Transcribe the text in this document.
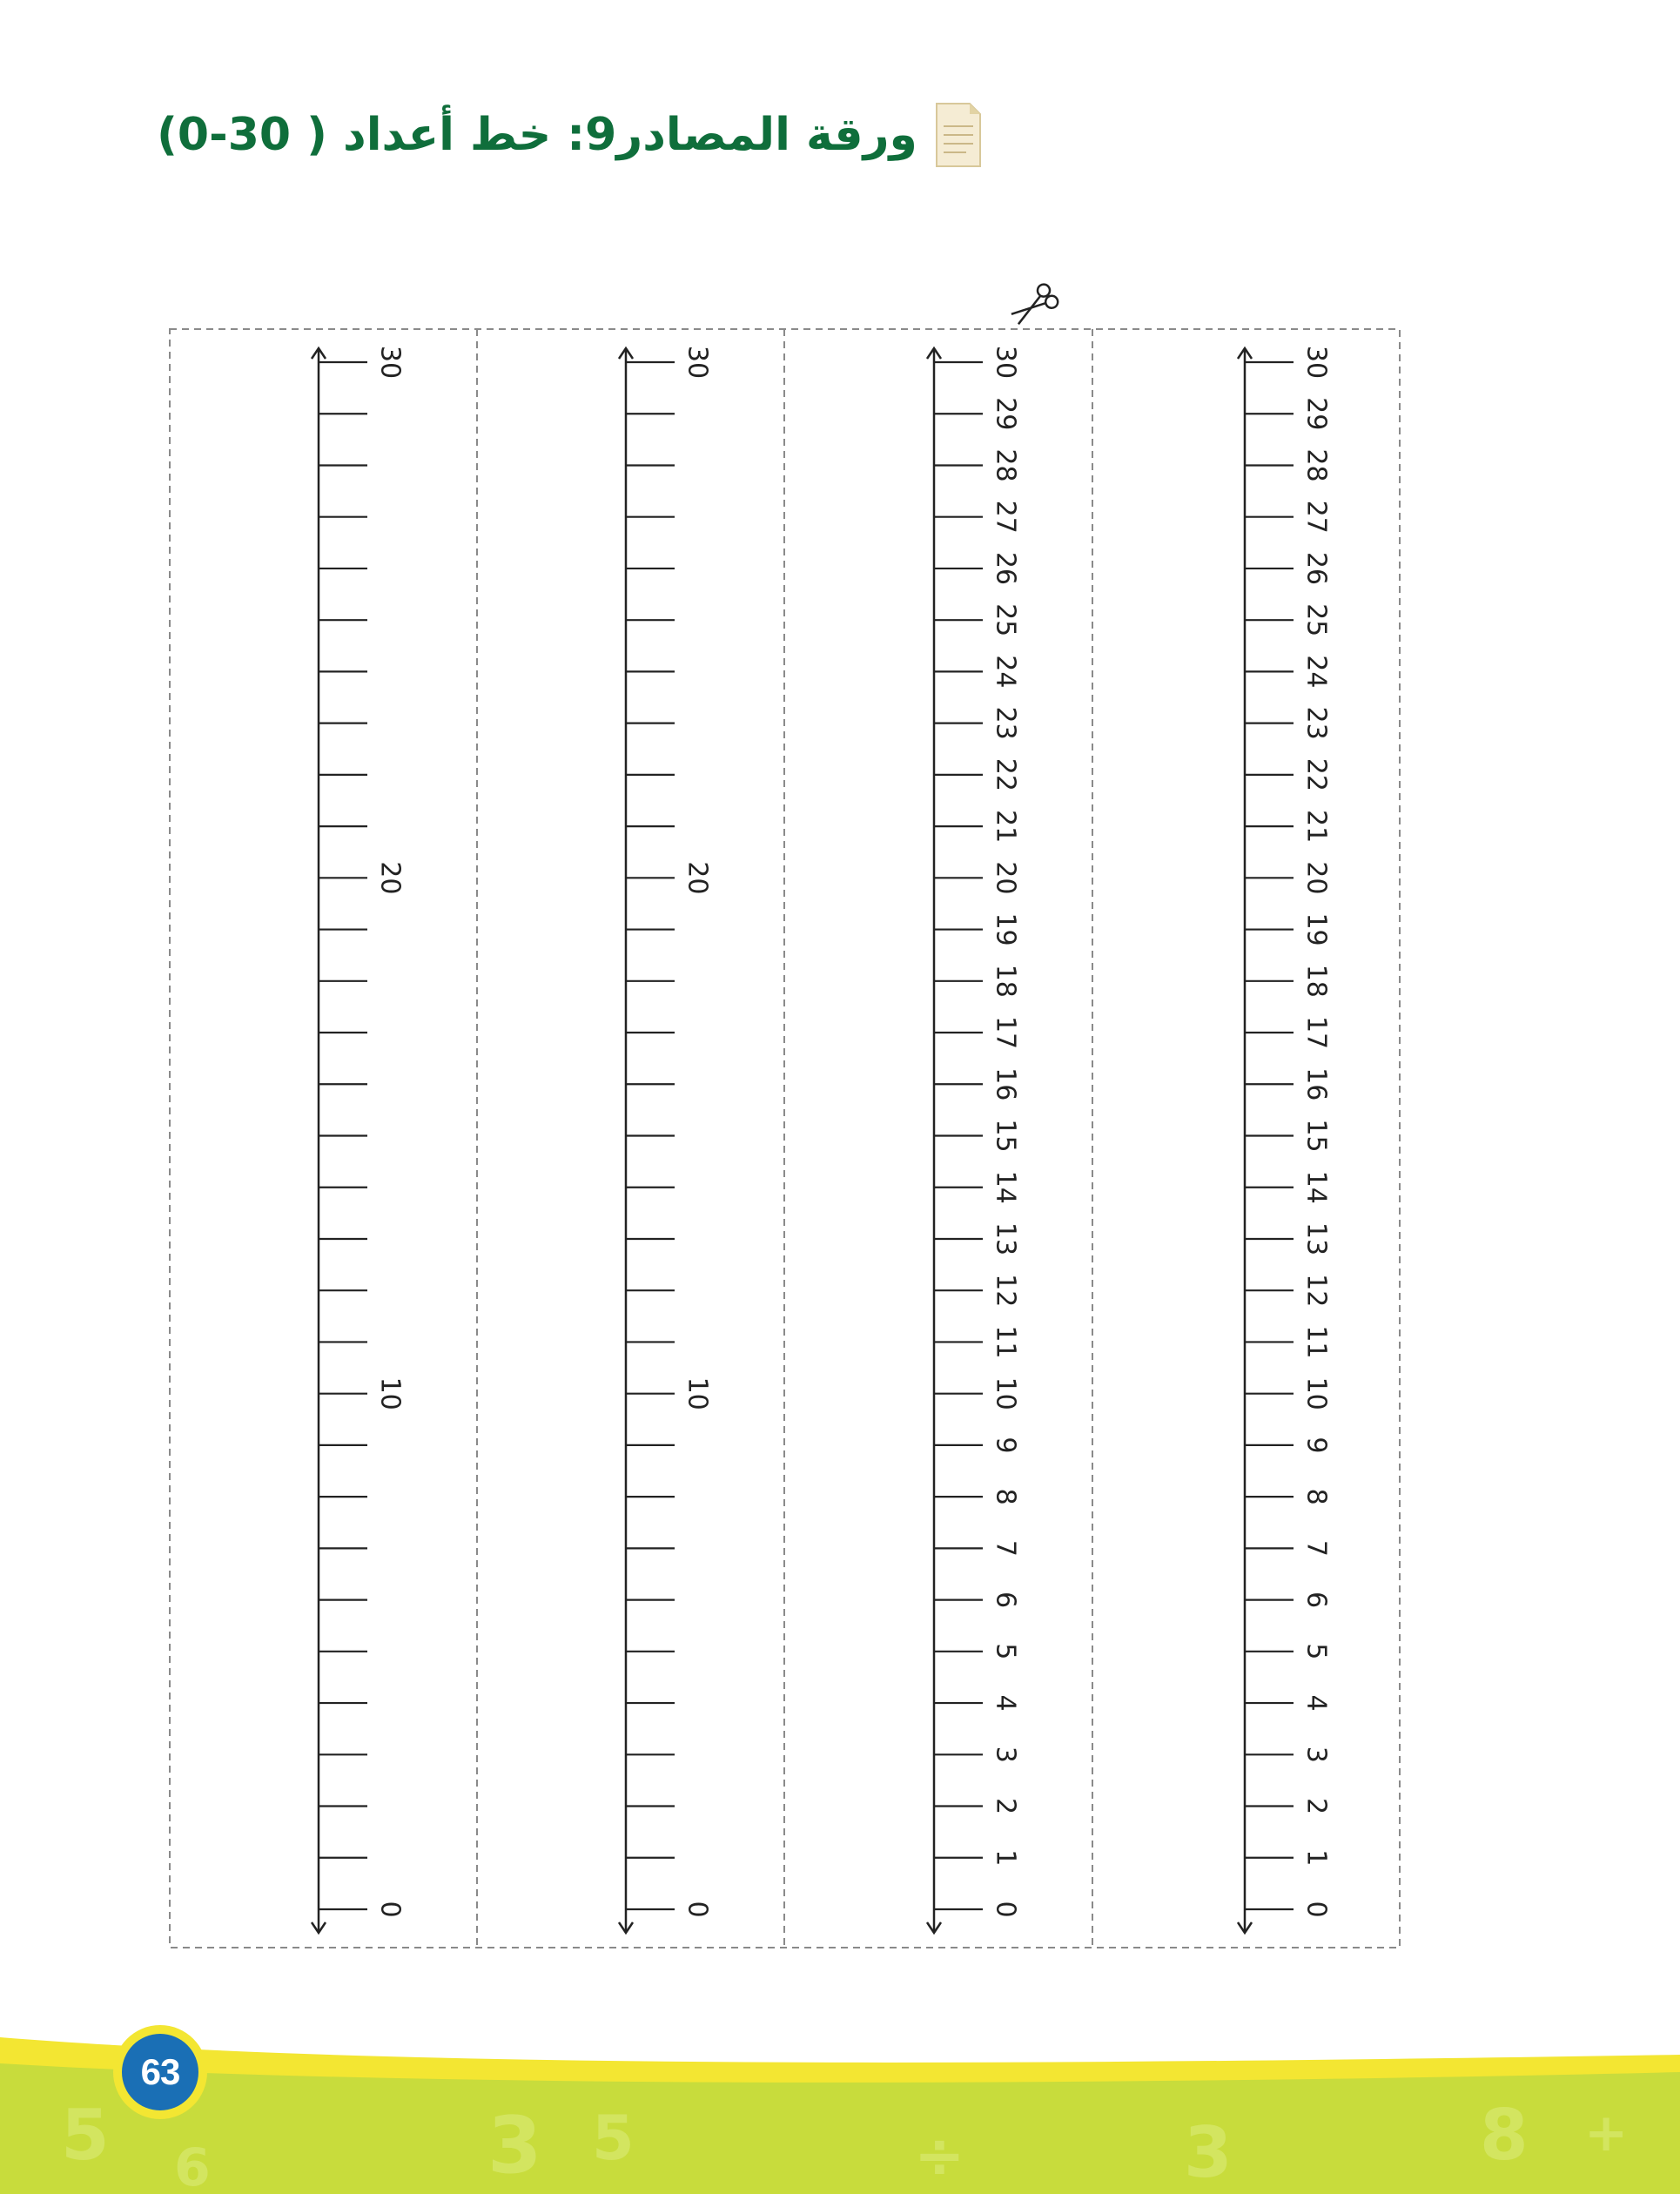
ورقة المصادر9: خط أعداد ( 30-0)
30
20
10
0
30
20
10
0
30
29
28
27
26
25
24
23
22
21
20
19
18
17
16
15
14
13
12
11
10
9
8
7
6
5
4
3
2
1
0
30
29
28
27
26
25
24
23
22
21
20
19
18
17
16
15
14
13
12
11
10
9
8
7
6
5
4
3
2
1
0
5 6	3 5	÷	3	8 +
63
